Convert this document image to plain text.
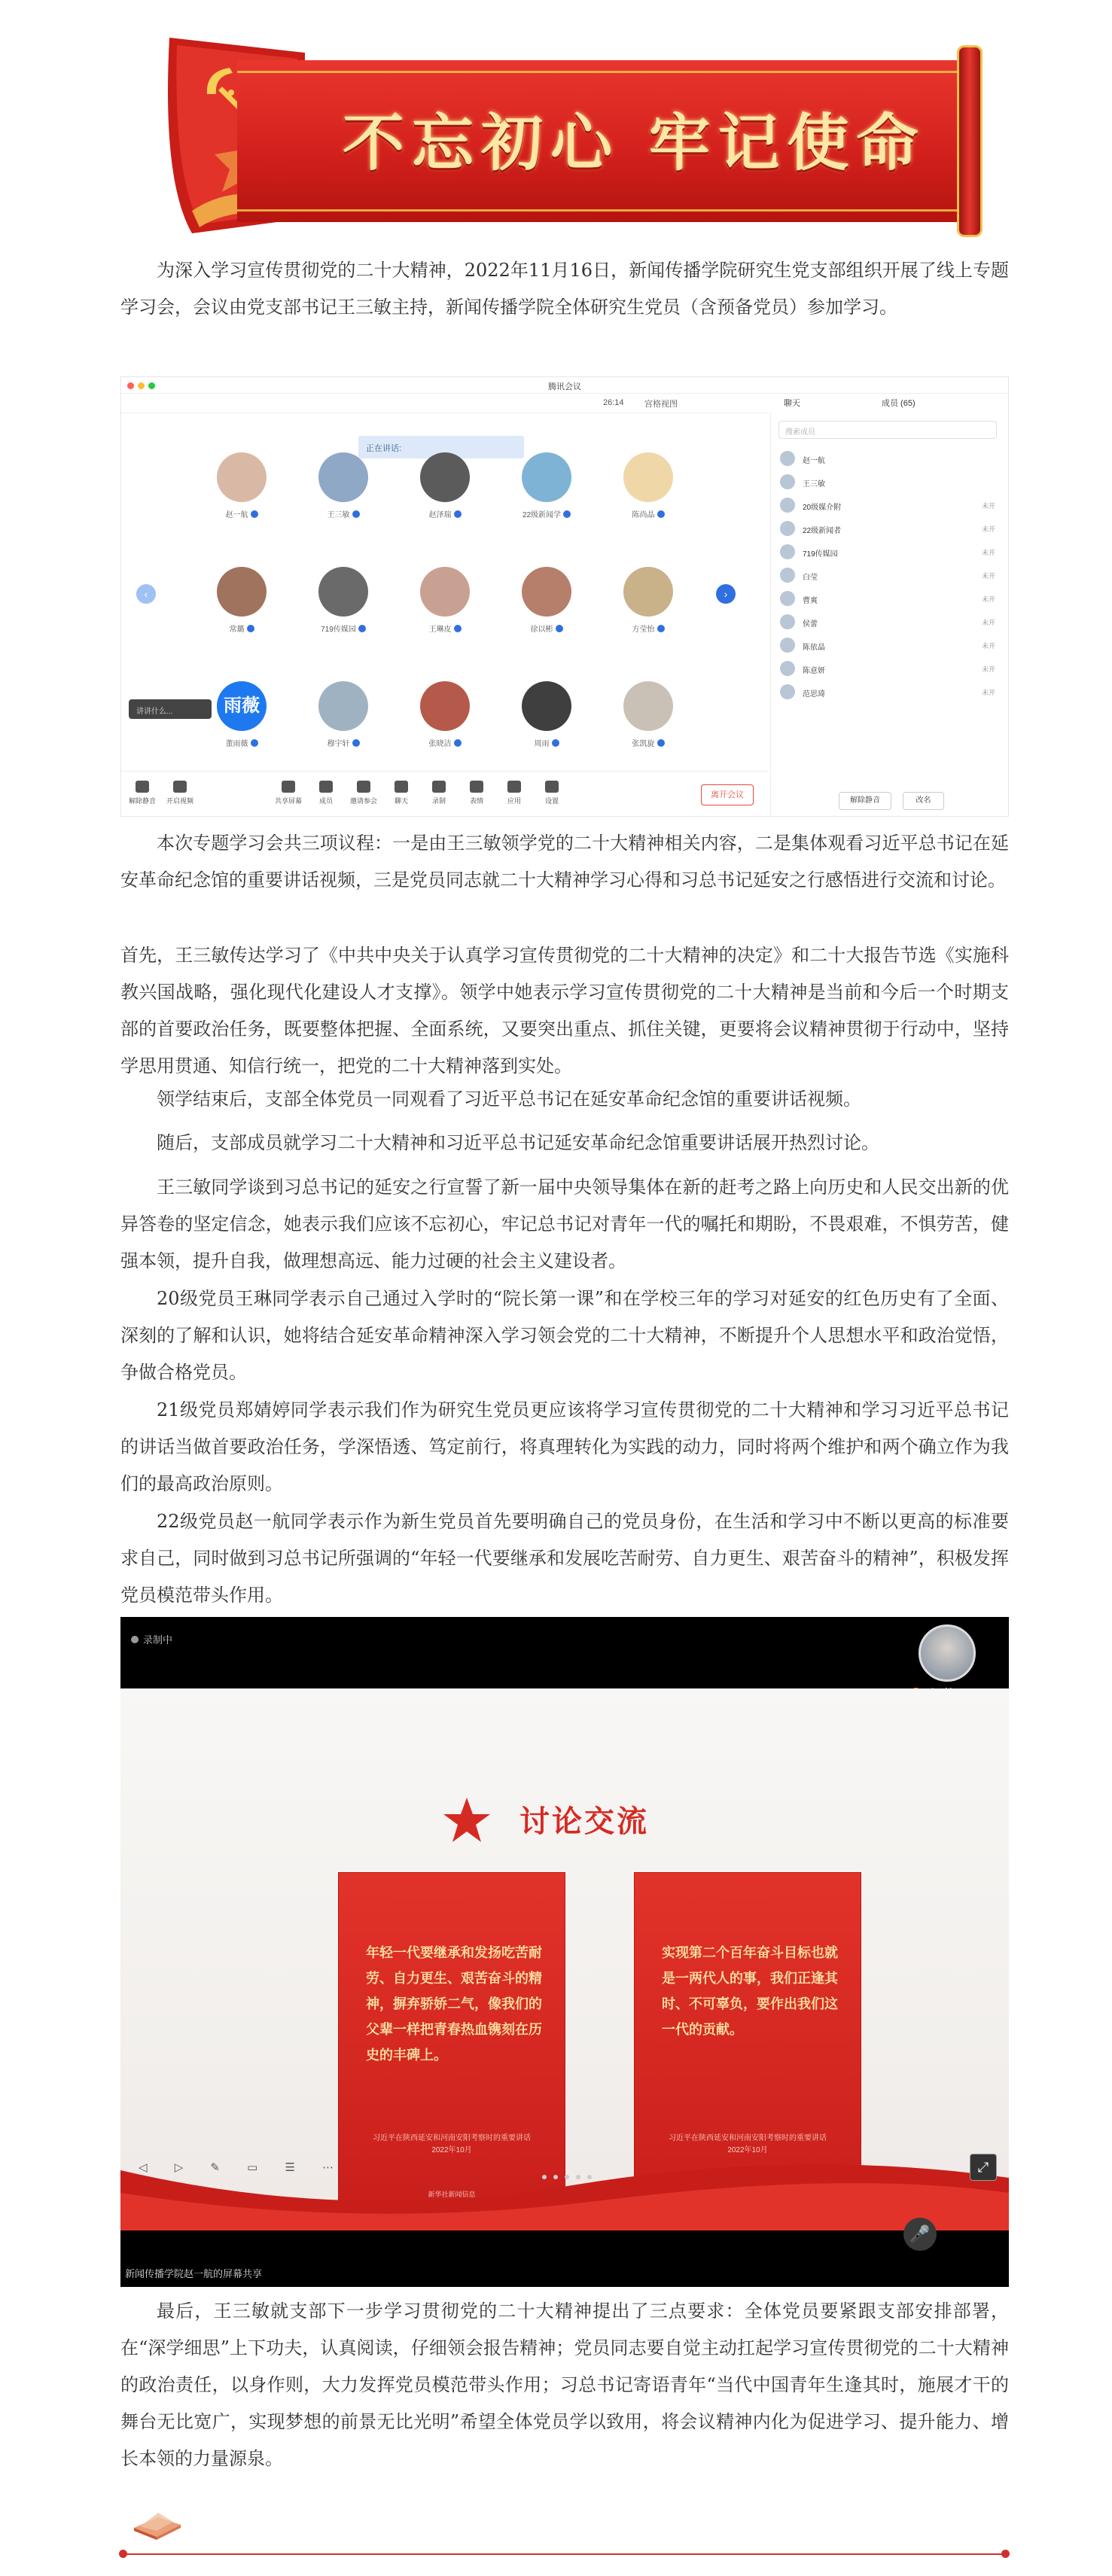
不忘初心 牢记使命

为深入学习宣传贯彻党的二十大精神，2022年11月16日，新闻传播学院研究生党支部组织开展了线上专题学习会，会议由党支部书记王三敏主持，新闻传播学院全体研究生党员（含预备党员）参加学习。

腾讯会议
26:14 宫格视图	聊天	成员 (65)
正在讲话:
赵一航	王三敏	赵泽瑞	22级新闻学	陈尚晶
常璐	719传媒园	王琳皮	徐以彬	方莹怡
雨薇
董雨薇	穆宇轩	张晓洁	周雨	张凯旋
‹	›
讲讲什么...
解除静音	开启视频	共享屏幕	成员	邀请参会	聊天	录制	表情	应用	设置
离开会议
搜索成员
赵一航
王三敏
20级媒介附	未开
22级新闻者	未开
719传媒园	未开
白莹	未开
曹爽	未开
侯蕾	未开
陈依晶	未开
陈意妍	未开
范思琦	未开
解除静音	改名

本次专题学习会共三项议程：一是由王三敏领学党的二十大精神相关内容，二是集体观看习近平总书记在延安革命纪念馆的重要讲话视频，三是党员同志就二十大精神学习心得和习总书记延安之行感悟进行交流和讨论。

首先，王三敏传达学习了《中共中央关于认真学习宣传贯彻党的二十大精神的决定》和二十大报告节选《实施科教兴国战略，强化现代化建设人才支撑》。领学中她表示学习宣传贯彻党的二十大精神是当前和今后一个时期支部的首要政治任务，既要整体把握、全面系统，又要突出重点、抓住关键，更要将会议精神贯彻于行动中，坚持学思用贯通、知信行统一，把党的二十大精神落到实处。

领学结束后，支部全体党员一同观看了习近平总书记在延安革命纪念馆的重要讲话视频。

随后，支部成员就学习二十大精神和习近平总书记延安革命纪念馆重要讲话展开热烈讨论。

王三敏同学谈到习总书记的延安之行宣誓了新一届中央领导集体在新的赶考之路上向历史和人民交出新的优异答卷的坚定信念，她表示我们应该不忘初心，牢记总书记对青年一代的嘱托和期盼，不畏艰难，不惧劳苦，健强本领，提升自我，做理想高远、能力过硬的社会主义建设者。

20级党员王琳同学表示自己通过入学时的“院长第一课”和在学校三年的学习对延安的红色历史有了全面、深刻的了解和认识，她将结合延安革命精神深入学习领会党的二十大精神，不断提升个人思想水平和政治觉悟，争做合格党员。

21级党员郑婧婷同学表示我们作为研究生党员更应该将学习宣传贯彻党的二十大精神和学习习近平总书记的讲话当做首要政治任务，学深悟透、笃定前行，将真理转化为实践的动力，同时将两个维护和两个确立作为我们的最高政治原则。

22级党员赵一航同学表示作为新生党员首先要明确自己的党员身份，在生活和学习中不断以更高的标准要求自己，同时做到习总书记所强调的“年轻一代要继承和发展吃苦耐劳、自力更生、艰苦奋斗的精神”，积极发挥党员模范带头作用。

录制中
讨论交流
年轻一代要继承和发扬吃苦耐劳、自力更生、艰苦奋斗的精神，摒弃骄娇二气，像我们的父辈一样把青春热血镌刻在历史的丰碑上。
习近平在陕西延安和河南安阳考察时的重要讲话
2022年10月
新华社新闻信息
实现第二个百年奋斗目标也就是一两代人的事，我们正逢其时、不可辜负，要作出我们这一代的贡献。
习近平在陕西延安和河南安阳考察时的重要讲话
2022年10月
◁ ▷ ✎ ▭ ☰ ⋯	⤢
🎤
新闻传播学院赵一航的屏幕共享

最后，王三敏就支部下一步学习贯彻党的二十大精神提出了三点要求：全体党员要紧跟支部安排部署，在“深学细思”上下功夫，认真阅读，仔细领会报告精神；党员同志要自觉主动扛起学习宣传贯彻党的二十大精神的政治责任，以身作则，大力发挥党员模范带头作用；习总书记寄语青年“当代中国青年生逢其时，施展才干的舞台无比宽广，实现梦想的前景无比光明”希望全体党员学以致用，将会议精神内化为促进学习、提升能力、增长本领的力量源泉。
